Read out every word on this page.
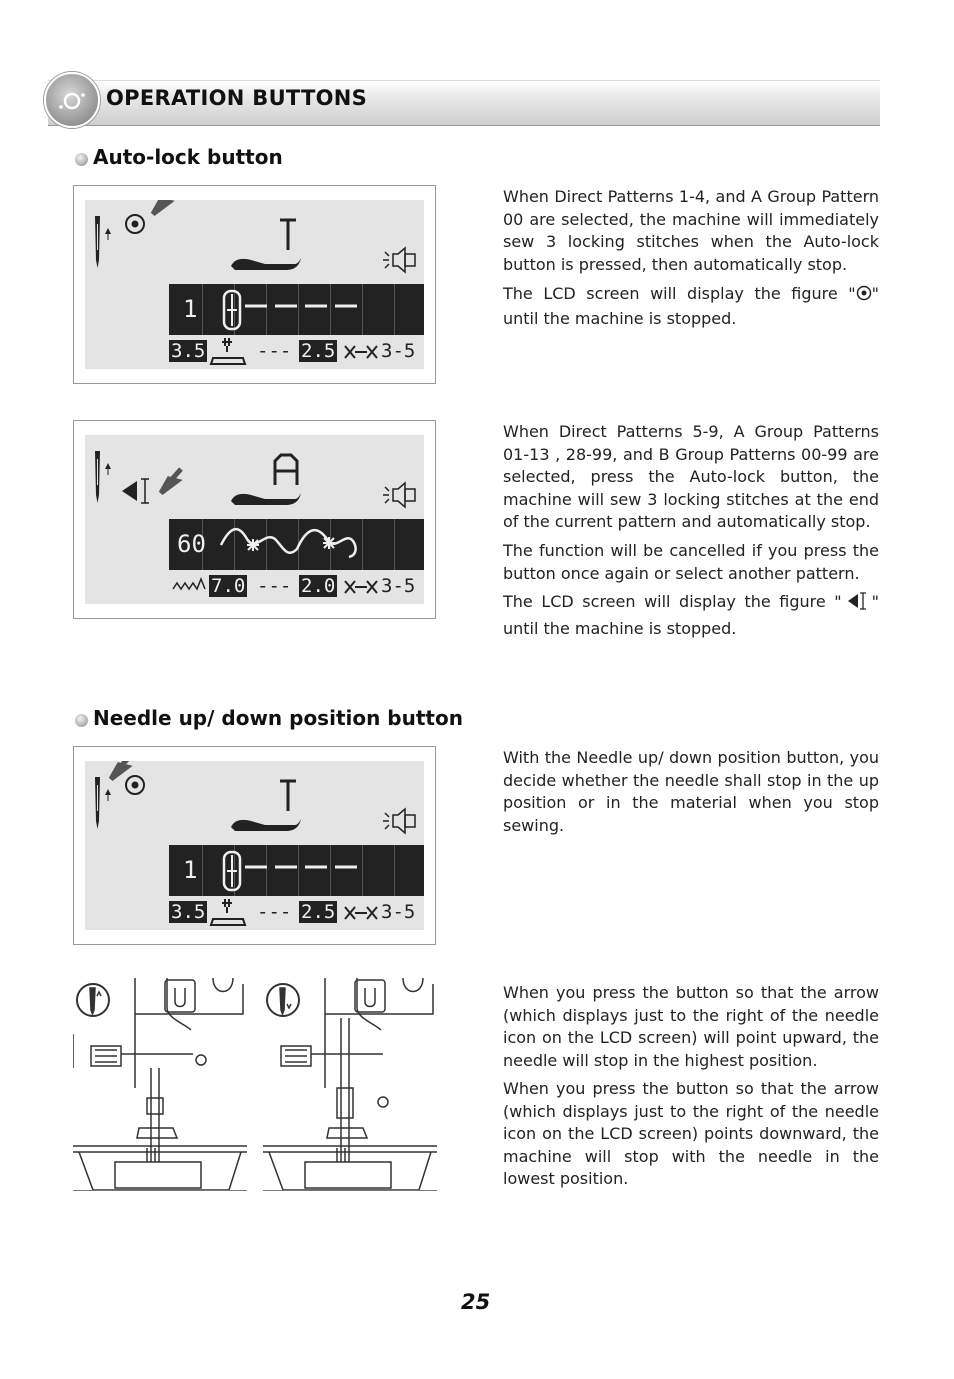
OPERATION BUTTONS
Auto-lock button
1
3.5	--- 2.5 3-5
When Direct Patterns 1-4, and A Group Pattern 00 are selected, the machine will immediately sew 3 locking stitches when the Auto-lock button is pressed, then automatically stop.
The LCD screen will display the figure " " until the machine is stopped.
60
7.0 --- 2.0 3-5
When Direct Patterns 5-9, A Group Patterns 01-13 , 28-99, and B Group Patterns 00-99 are selected, press the Auto-lock button, the machine will sew 3 locking stitches at the end of the current pattern and automatically stop.
The function will be cancelled if you press the button once again or select another pattern.
The LCD screen will display the figure " " until the machine is stopped.
Needle up/ down position button
1
3.5	--- 2.5 3-5
With the Needle up/ down position button, you decide whether the needle shall stop in the up position or in the material when you stop sewing.
When you press the button so that the arrow (which displays just to the right of the needle icon on the LCD screen) will point upward, the needle will stop in the highest position.
When you press the button so that the arrow (which displays just to the right of the needle icon on the LCD screen) points downward, the machine will stop with the needle in the lowest position.
25
